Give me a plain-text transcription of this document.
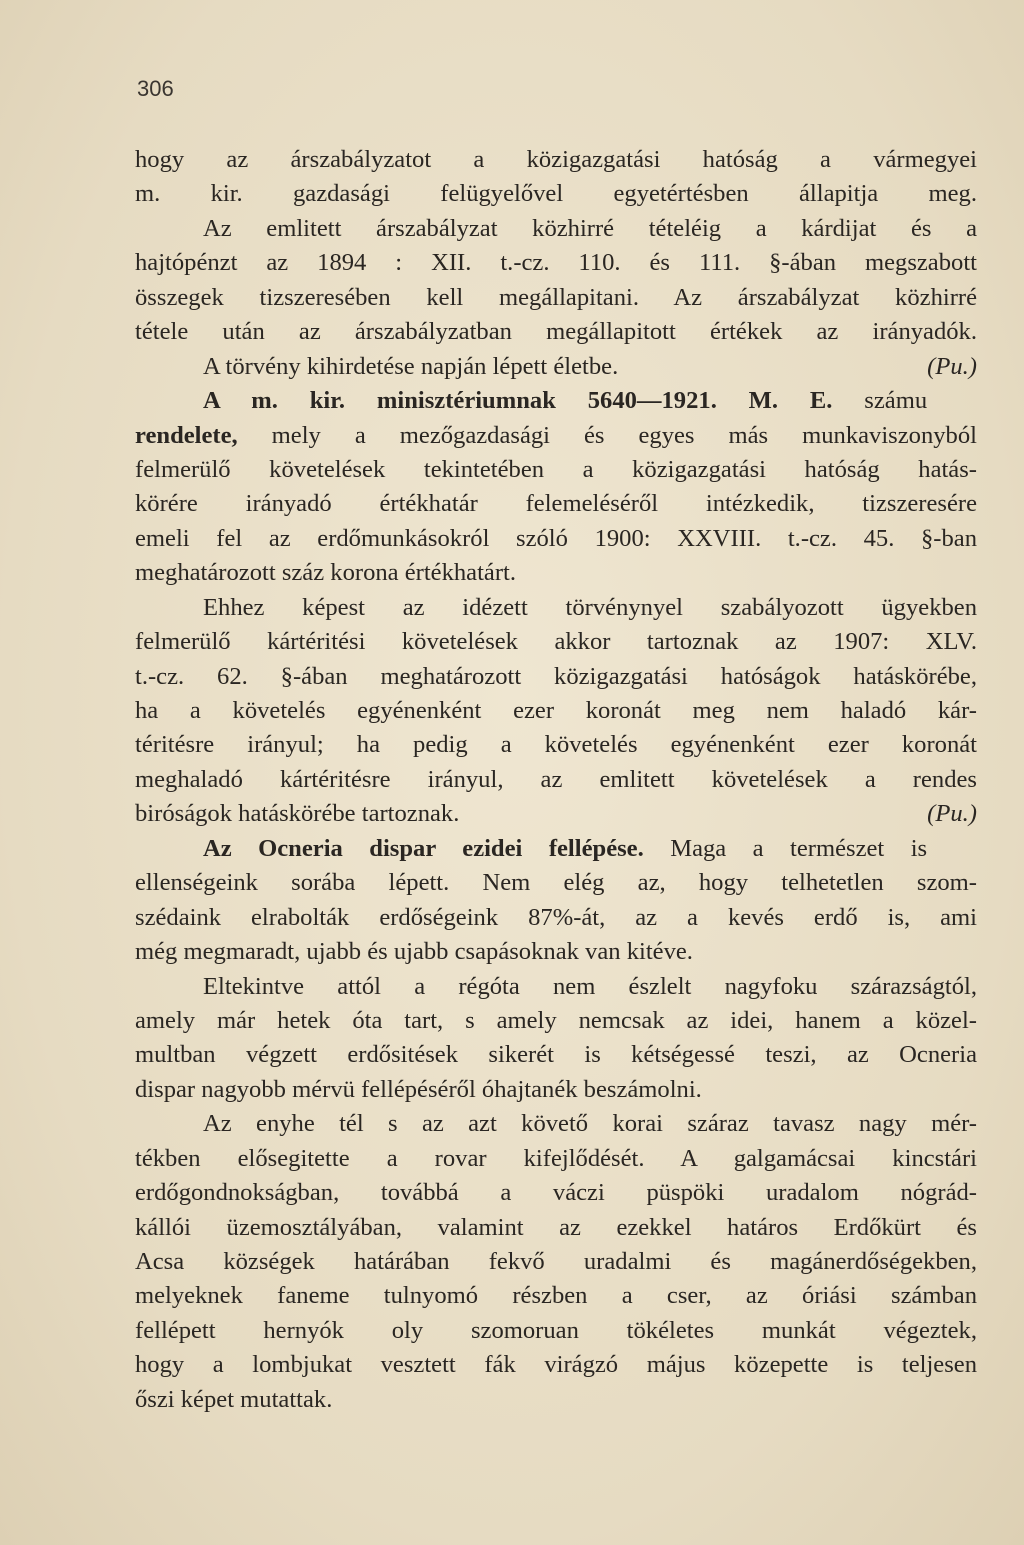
306
hogy az árszabályzatot a közigazgatási hatóság a vármegyei
m. kir. gazdasági felügyelővel egyetértésben állapitja meg.
Az emlitett árszabályzat közhirré tételéig a kárdijat és a
hajtópénzt az 1894 : XII. t.-cz. 110. és 111. §-ában megszabott
összegek tizszeresében kell megállapitani. Az árszabályzat közhirré
tétele után az árszabályzatban megállapitott értékek az irányadók.
A törvény kihirdetése napján lépett életbe.	(Pu.)
A m. kir. minisztériumnak 5640—1921. M. E. számu
rendelete, mely a mezőgazdasági és egyes más munkaviszonyból
felmerülő követelések tekintetében a közigazgatási hatóság hatás-
körére irányadó értékhatár felemeléséről intézkedik, tizszeresére
emeli fel az erdőmunkásokról szóló 1900: XXVIII. t.-cz. 45. §-ban
meghatározott száz korona értékhatárt.
Ehhez képest az idézett törvénynyel szabályozott ügyekben
felmerülő kártéritési követelések akkor tartoznak az 1907: XLV.
t.-cz. 62. §-ában meghatározott közigazgatási hatóságok hatáskörébe,
ha a követelés egyénenként ezer koronát meg nem haladó kár-
téritésre irányul; ha pedig a követelés egyénenként ezer koronát
meghaladó kártéritésre irányul, az emlitett követelések a rendes
biróságok hatáskörébe tartoznak.	(Pu.)
Az Ocneria dispar ezidei fellépése. Maga a természet is
ellenségeink sorába lépett. Nem elég az, hogy telhetetlen szom-
szédaink elrabolták erdőségeink 87%-át, az a kevés erdő is, ami
még megmaradt, ujabb és ujabb csapásoknak van kitéve.
Eltekintve attól a régóta nem észlelt nagyfoku szárazságtól,
amely már hetek óta tart, s amely nemcsak az idei, hanem a közel-
multban végzett erdősitések sikerét is kétségessé teszi, az Ocneria
dispar nagyobb mérvü fellépéséről óhajtanék beszámolni.
Az enyhe tél s az azt követő korai száraz tavasz nagy mér-
tékben elősegitette a rovar kifejlődését. A galgamácsai kincstári
erdőgondnokságban, továbbá a váczi püspöki uradalom nógrád-
kállói üzemosztályában, valamint az ezekkel határos Erdőkürt és
Acsa községek határában fekvő uradalmi és magánerdőségekben,
melyeknek faneme tulnyomó részben a cser, az óriási számban
fellépett hernyók oly szomoruan tökéletes munkát végeztek,
hogy a lombjukat vesztett fák virágzó május közepette is teljesen
őszi képet mutattak.
